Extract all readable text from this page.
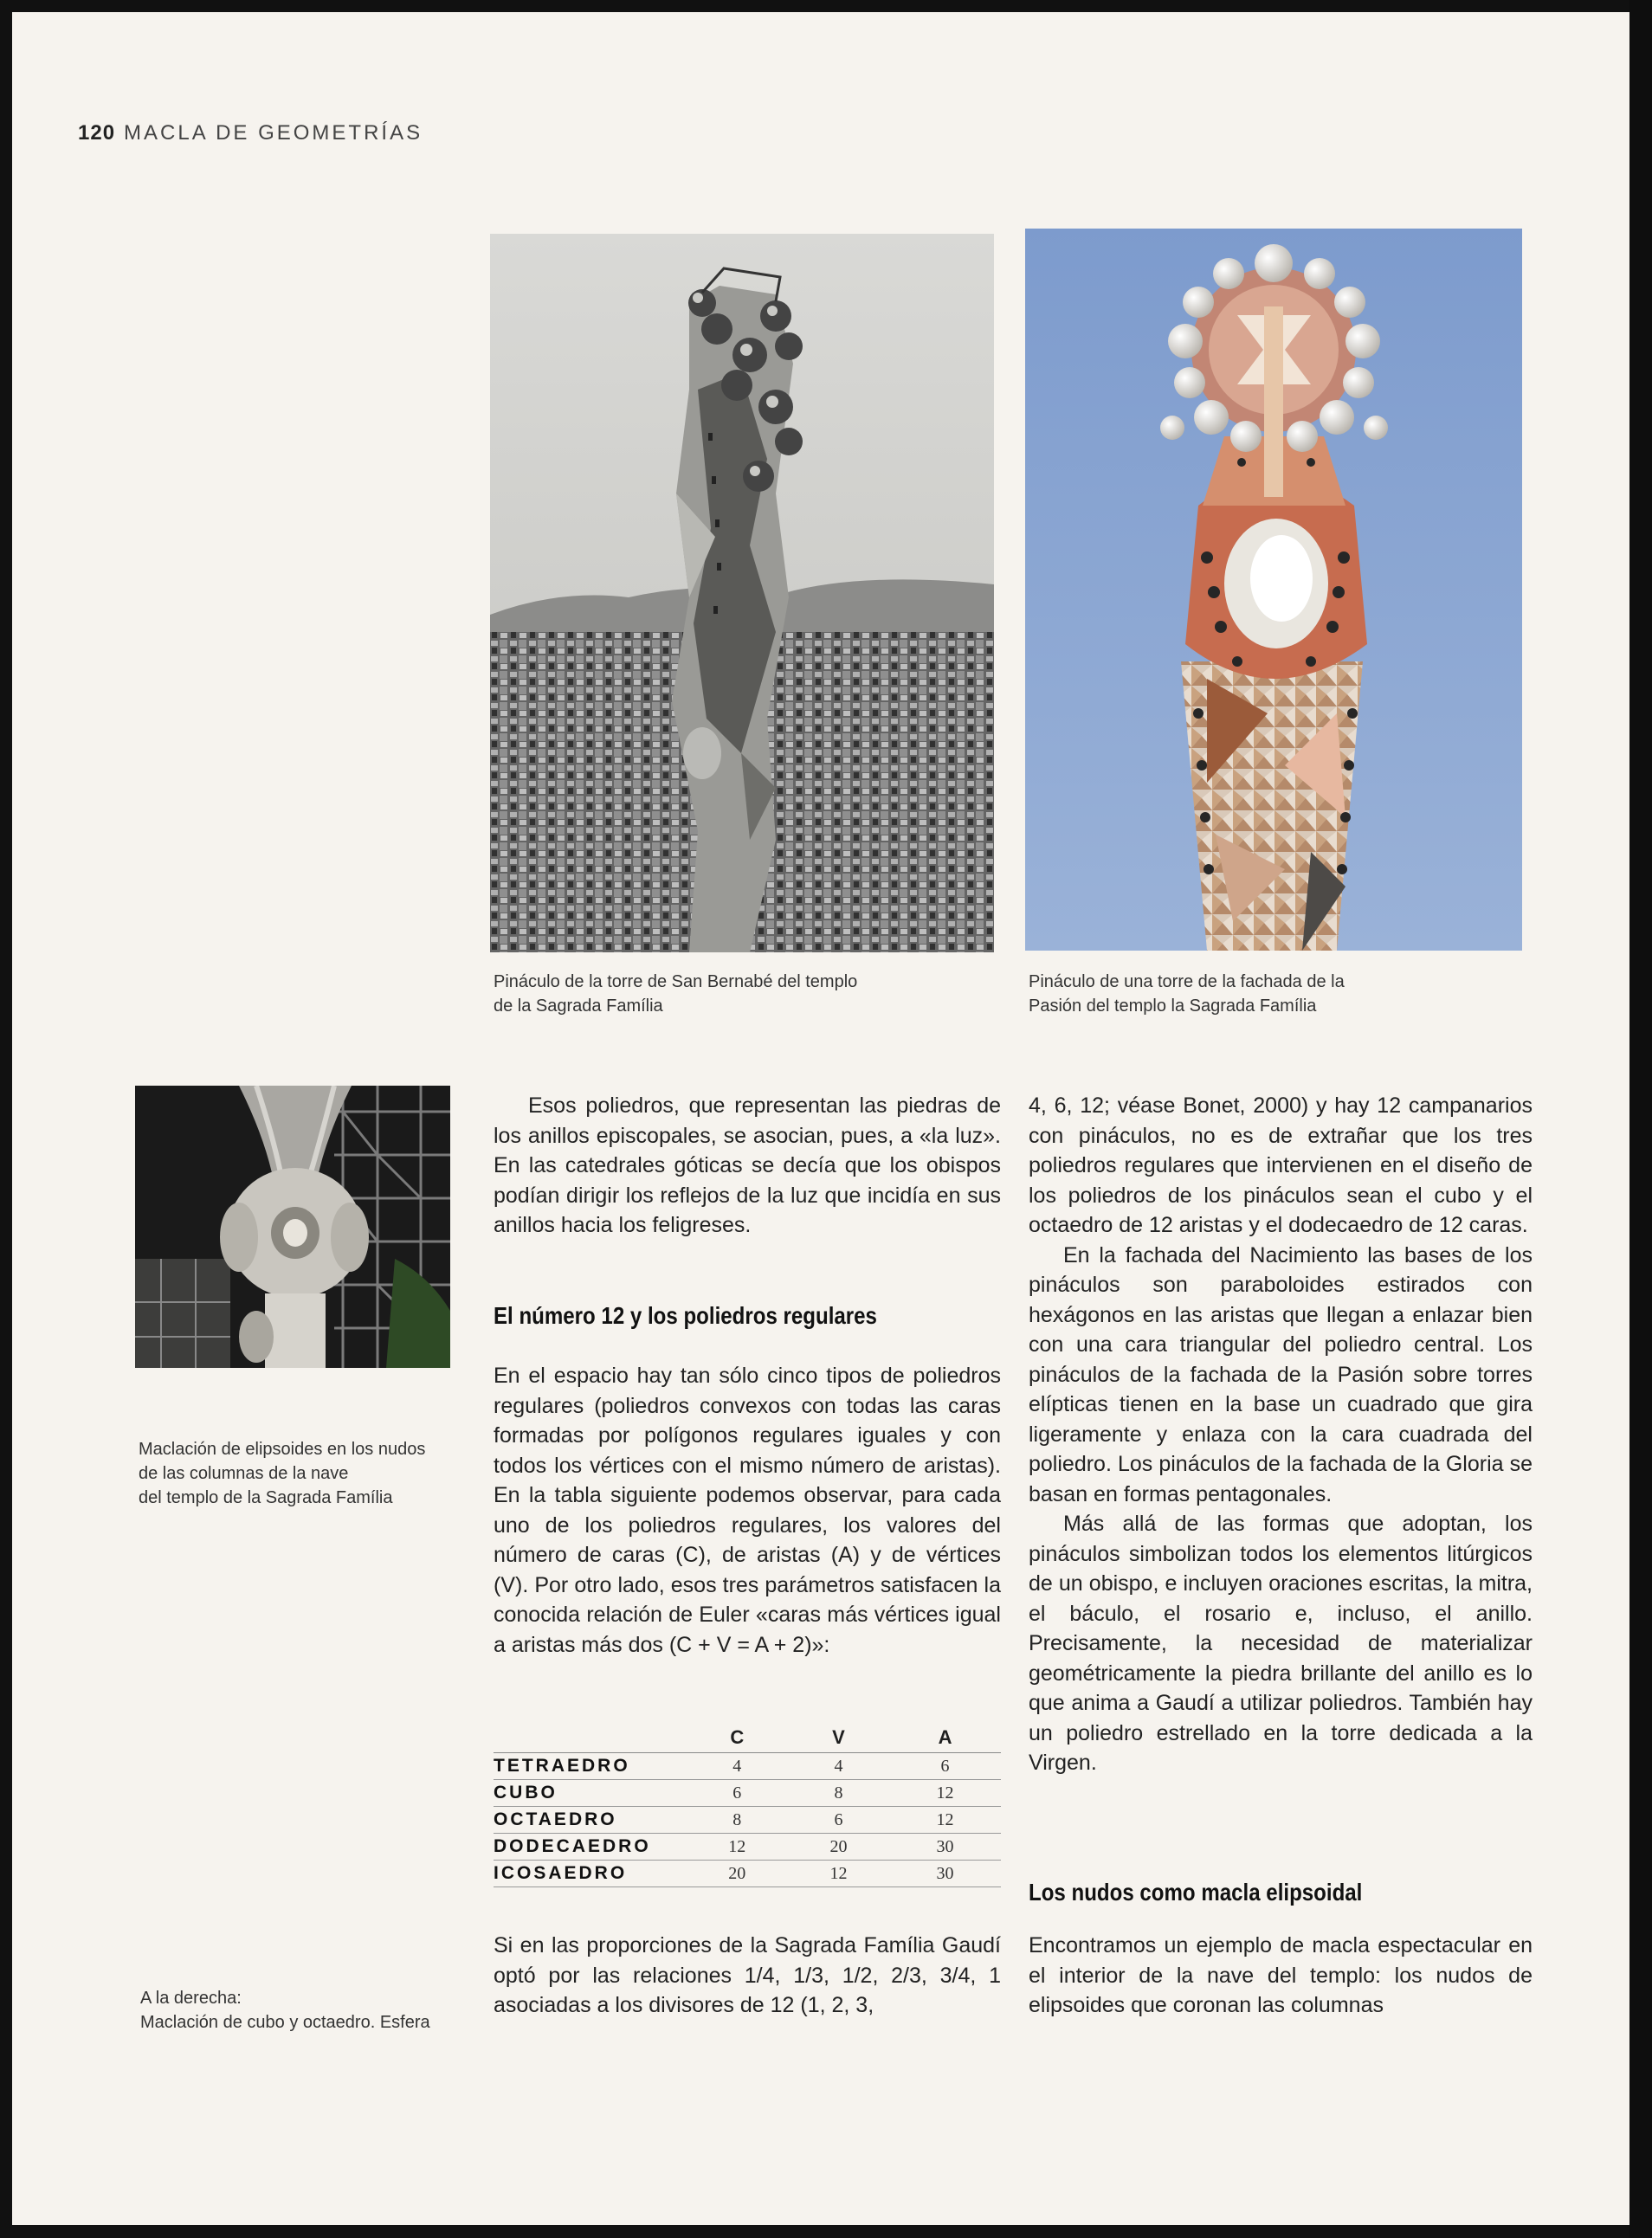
120 MACLA DE GEOMETRÍAS
Pináculo de la torre de San Bernabé del templo
de la Sagrada Família
Pináculo de una torre de la fachada de la
Pasión del templo la Sagrada Família
Maclación de elipsoides en los nudos
de las columnas de la nave
del templo de la Sagrada Família
A la derecha:
Maclación de cubo y octaedro. Esfera

Esos poliedros, que representan las piedras de los anillos episcopales, se asocian, pues, a «la luz». En las catedrales góticas se decía que los obispos podían dirigir los reflejos de la luz que incidía en sus anillos hacia los feligreses.

El número 12 y los poliedros regulares

En el espacio hay tan sólo cinco tipos de poliedros regulares (poliedros convexos con todas las caras formadas por polígonos regulares iguales y con todos los vértices con el mismo número de aristas). En la tabla siguiente podemos observar, para cada uno de los poliedros regulares, los valores del número de caras (C), de aristas (A) y de vértices (V). Por otro lado, esos tres parámetros satisfacen la conocida relación de Euler «caras más vértices igual a aristas más dos (C + V = A + 2)»:

	C	V	A
TETRAEDRO	4	4	6
CUBO	6	8	12
OCTAEDRO	8	6	12
DODECAEDRO	12	20	30
ICOSAEDRO	20	12	30

Si en las proporciones de la Sagrada Família Gaudí optó por las relaciones 1/4, 1/3, 1/2, 2/3, 3/4, 1 asociadas a los divisores de 12 (1, 2, 3,

4, 6, 12; véase Bonet, 2000) y hay 12 campanarios con pináculos, no es de extrañar que los tres poliedros regulares que intervienen en el diseño de los poliedros de los pináculos sean el cubo y el octaedro de 12 aristas y el dodecaedro de 12 caras.

En la fachada del Nacimiento las bases de los pináculos son paraboloides estirados con hexágonos en las aristas que llegan a enlazar bien con una cara triangular del poliedro central. Los pináculos de la fachada de la Pasión sobre torres elípticas tienen en la base un cuadrado que gira ligeramente y enlaza con la cara cuadrada del poliedro. Los pináculos de la fachada de la Gloria se basan en formas pentagonales.

Más allá de las formas que adoptan, los pináculos simbolizan todos los elementos litúrgicos de un obispo, e incluyen oraciones escritas, la mitra, el báculo, el rosario e, incluso, el anillo. Precisamente, la necesidad de materializar geométricamente la piedra brillante del anillo es lo que anima a Gaudí a utilizar poliedros. También hay un poliedro estrellado en la torre dedicada a la Virgen.

Los nudos como macla elipsoidal

Encontramos un ejemplo de macla espectacular en el interior de la nave del templo: los nudos de elipsoides que coronan las columnas
